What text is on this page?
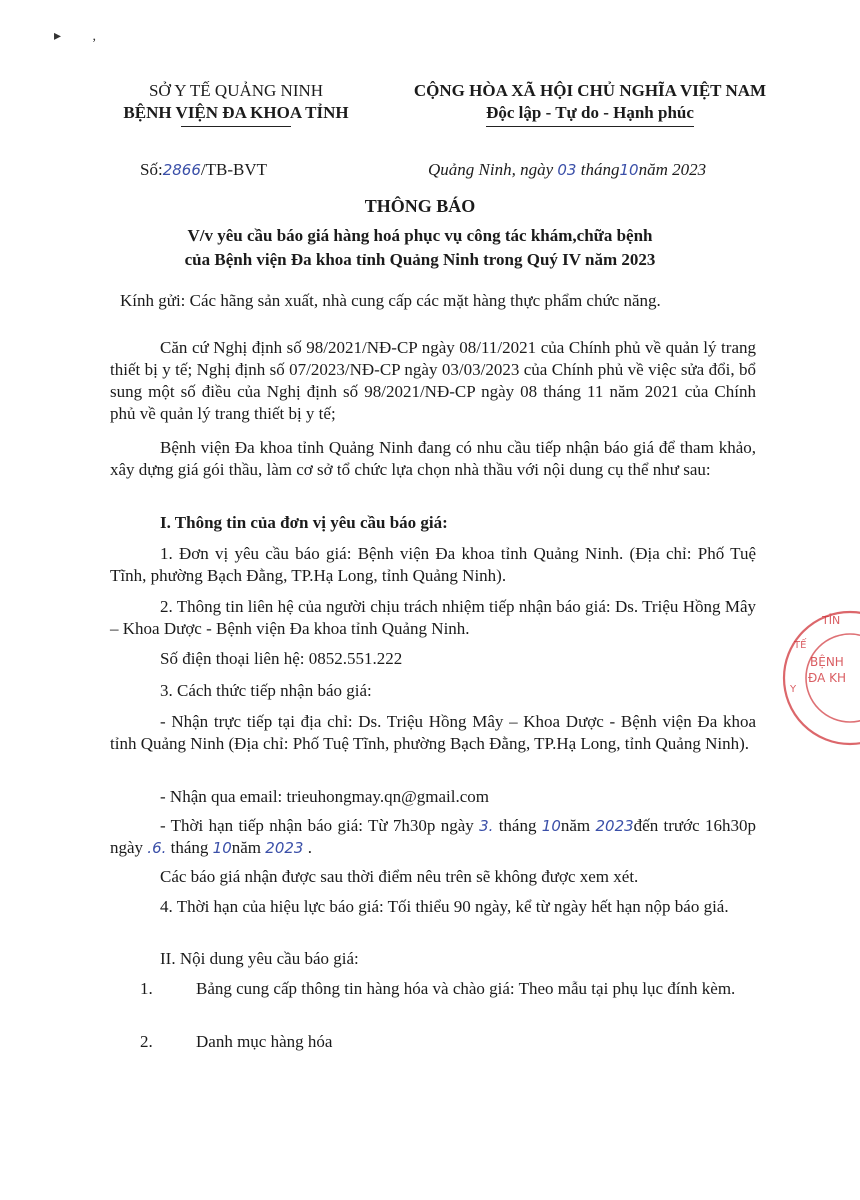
▸         ,
SỞ Y TẾ QUẢNG NINH
BỆNH VIỆN ĐA KHOA TỈNH
CỘNG HÒA XÃ HỘI CHỦ NGHĨA VIỆT NAM
Độc lập - Tự do - Hạnh phúc
Số:2866/TB-BVT	Quảng Ninh, ngày 03 tháng10năm 2023
THÔNG BÁO
V/v yêu cầu báo giá hàng hoá phục vụ công tác khám,chữa bệnh
của Bệnh viện Đa khoa tỉnh Quảng Ninh trong Quý IV năm 2023
Kính gửi: Các hãng sản xuất, nhà cung cấp các mặt hàng thực phẩm chức năng.
Căn cứ Nghị định số 98/2021/NĐ-CP ngày 08/11/2021 của Chính phủ về quản lý trang thiết bị y tế; Nghị định số 07/2023/NĐ-CP ngày 03/03/2023 của Chính phủ về việc sửa đổi, bổ sung một số điều của Nghị định số 98/2021/NĐ-CP ngày 08 tháng 11 năm 2021 của Chính phủ về quản lý trang thiết bị y tế;
Bệnh viện Đa khoa tỉnh Quảng Ninh đang có nhu cầu tiếp nhận báo giá để tham khảo, xây dựng giá gói thầu, làm cơ sở tổ chức lựa chọn nhà thầu với nội dung cụ thể như sau:
I. Thông tin của đơn vị yêu cầu báo giá:
1. Đơn vị yêu cầu báo giá: Bệnh viện Đa khoa tỉnh Quảng Ninh. (Địa chỉ: Phố Tuệ Tĩnh, phường Bạch Đằng, TP.Hạ Long, tỉnh Quảng Ninh).
2. Thông tin liên hệ của người chịu trách nhiệm tiếp nhận báo giá: Ds. Triệu Hồng Mây – Khoa Dược - Bệnh viện Đa khoa tỉnh Quảng Ninh.
Số điện thoại liên hệ: 0852.551.222
3. Cách thức tiếp nhận báo giá:
- Nhận trực tiếp tại địa chỉ: Ds. Triệu Hồng Mây – Khoa Dược - Bệnh viện Đa khoa tỉnh Quảng Ninh (Địa chỉ: Phố Tuệ Tĩnh, phường Bạch Đằng, TP.Hạ Long, tỉnh Quảng Ninh).
- Nhận qua email: trieuhongmay.qn@gmail.com
- Thời hạn tiếp nhận báo giá: Từ 7h30p ngày 3. tháng 10năm 2023đến trước 16h30p ngày .6. tháng 10năm 2023 .
Các báo giá nhận được sau thời điểm nêu trên sẽ không được xem xét.
4. Thời hạn của hiệu lực báo giá: Tối thiểu 90 ngày, kể từ ngày hết hạn nộp báo giá.
II. Nội dung yêu cầu báo giá:
1.	Bảng cung cấp thông tin hàng hóa và chào giá: Theo mẫu tại phụ lục đính kèm.
2.	Danh mục hàng hóa
TỈN
BỆNH
ĐA KH
Y
TẾ
